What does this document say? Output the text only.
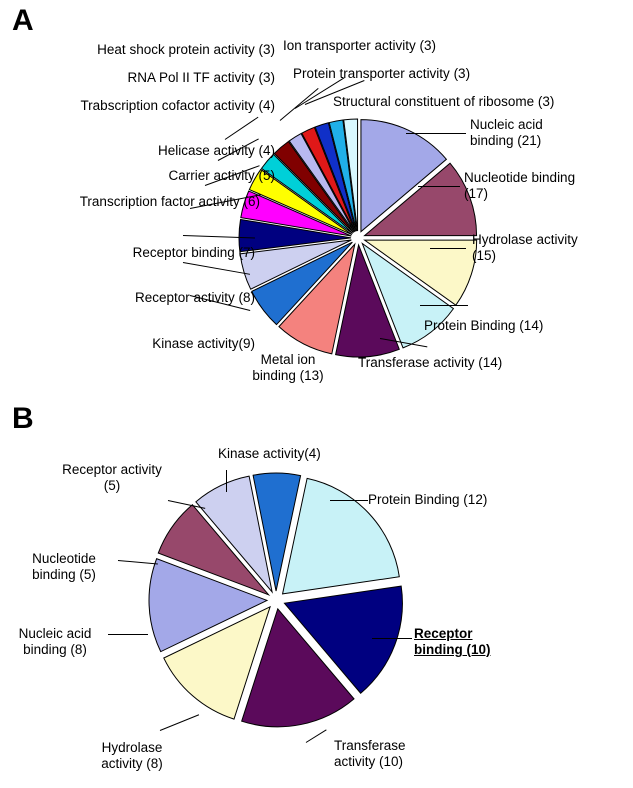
A
Heat shock protein activity (3)
RNA Pol II TF activity (3)
Trabscription cofactor activity (4)
Helicase activity (4)
Carrier activity (5)
Transcription factor activity (6)
Receptor binding (7)
Receptor activity (8)
Kinase activity(9)
Metal ion binding (13)
Ion transporter activity (3)
Protein transporter activity (3)
Structural constituent of ribosome (3)
Nucleic acid binding (21)
Nucleotide binding (17)
Hydrolase activity (15)
Protein Binding (14)
Transferase activity (14)
B
Kinase activity(4)
Receptor activity (5)
Nucleotide binding (5)
Nucleic acid binding (8)
Hydrolase activity (8)
Transferase activity (10)
Receptor binding (10)
Protein Binding (12)
